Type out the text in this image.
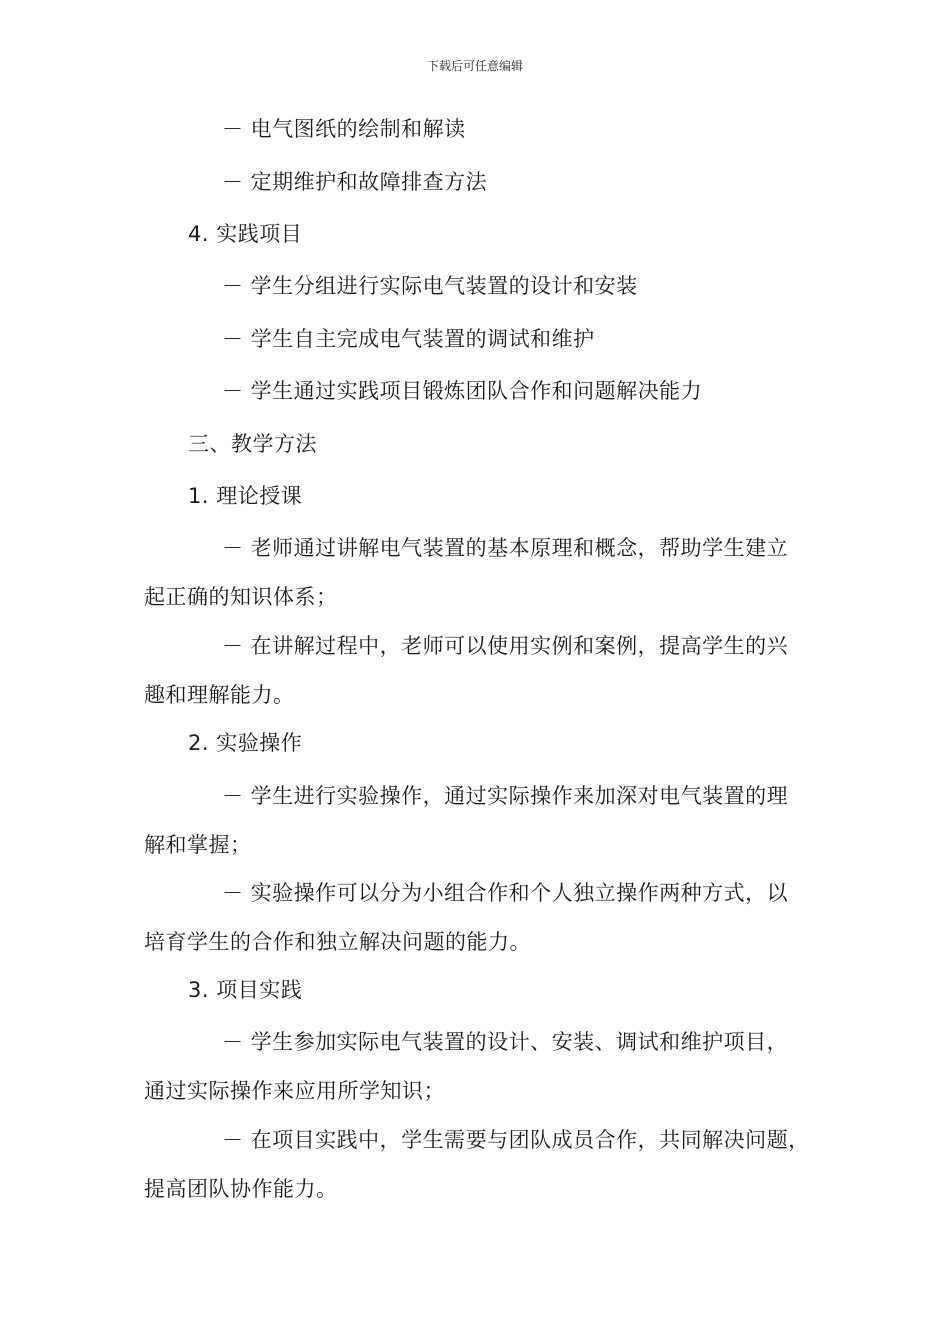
下载后可任意编辑
－ 电气图纸的绘制和解读
－ 定期维护和故障排查方法
4. 实践项目
－ 学生分组进行实际电气装置的设计和安装
－ 学生自主完成电气装置的调试和维护
－ 学生通过实践项目锻炼团队合作和问题解决能力
三、教学方法
1. 理论授课
－ 老师通过讲解电气装置的基本原理和概念，帮助学生建立
起正确的知识体系；
－ 在讲解过程中，老师可以使用实例和案例，提高学生的兴
趣和理解能力。
2. 实验操作
－ 学生进行实验操作，通过实际操作来加深对电气装置的理
解和掌握；
－ 实验操作可以分为小组合作和个人独立操作两种方式，以
培育学生的合作和独立解决问题的能力。
3. 项目实践
－ 学生参加实际电气装置的设计、安装、调试和维护项目，
通过实际操作来应用所学知识；
－ 在项目实践中，学生需要与团队成员合作，共同解决问题，
提高团队协作能力。
